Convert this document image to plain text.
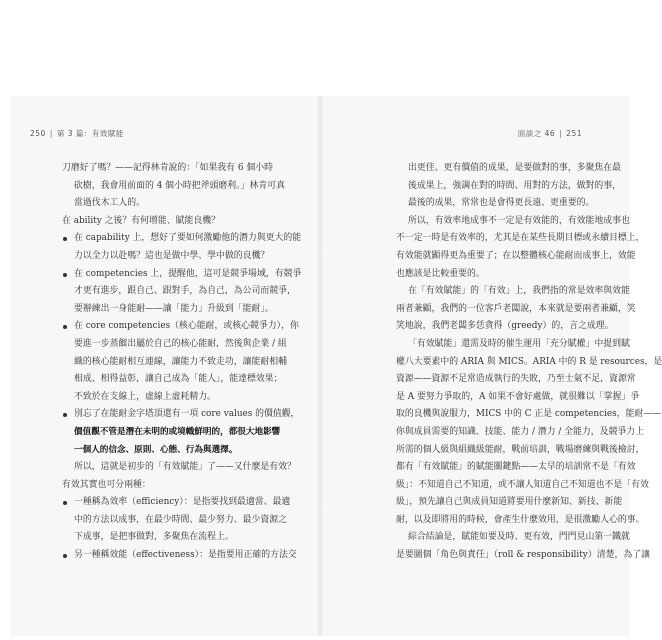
250 | 第 3 篇：有效賦能	面談之 46 | 251
刀磨好了嗎？——記得林肯說的：「如果我有 6 個小時
砍樹，我會用前面的 4 個小時把斧頭磨利。」林肯可真
當過伐木工人的。
在 ability 之後？有何增能、賦能良機？
在 capability 上，想好了要如何激勵他的潛力與更大的能
力以全力以赴嗎？這也是做中學、學中做的良機？
在 competencies 上，提醒他，這可是競爭場域，有競爭
才更有進步，跟自己、跟對手，為自己，為公司而競爭，
要辦練出一身能耐——讓「能力」升級到「能耐」。
在 core competencies（核心能耐，或核心競爭力），你
要進一步蒸餾出屬於自己的核心能耐，然後與企業 / 組
織的核心能耐相互連線，讓能力不致走功，讓能耐相輔
相成、相得益彰，讓自己成為「能人」，能達標效果；
不致於在支線上，虛線上虛耗精力。
別忘了在能耐金字塔頂還有一項 core values 的價值觀，
價值觀不管是潛在未明的或境幟鮮明的，都很大地影響
一個人的信念、原則、心態、行為與選擇。
所以，這就是初步的「有效賦能」了——又什麼是有效？
有效其實也可分兩種：
一種稱為效率（efficiency）：是指要找到最適當、最適
中的方法以成事，在最少時間、最少努力、最少資源之
下成事，是把事做對，多聚焦在流程上。
另一種稱效能（effectiveness）：是指要用正確的方法交
出更佳、更有價值的成果，是要做對的事，多聚焦在最
後成果上，強調在對的時間、用對的方法，做對的事，
最後的成果，常常也是會得更長遠、更重要的。
所以，有效率地成事不一定是有效能的，有效能地成事也
不一定一時是有效率的，尤其是在某些長期目標或永續目標上，
有效能就顯得更為重要了；在以整體核心能耐而成事上，效能
也應該是比較重要的。
在「有效賦能」的「有效」上，我們指的常是效率與效能
兩者兼顧，我們的一位客戶老闆說，本來就是要兩者兼顧，笑
笑地說，我們老闆多恁貪得（greedy）的，言之成理。
「有效賦能」還需及時的催生運用「充分賦權」中提到賦
權八大要素中的 ARIA 與 MICS。ARIA 中的 R 是 resources，是
資源——資源不足常造成執行的失敗，乃至士氣不足，資源常
是 A 要努力爭取的，A 如果不會好處做，就很難以「掌握」爭
取的良機與說服力，MICS 中的 C 正是 competencies，能耐——
你與成員需要的知識、技能、能力 / 潛力 / 全能力，及競爭力上
所需的個人級與組織級能耐，戰前培訓，戰場磨練與戰後檢討，
都有「有效賦能」的賦能關鍵點——太早的培訓常不是「有效
級」：不知道自己不知道，或不讓人知道自己不知道也不是「有效
級」，預先讓自己與成員知道將要用什麼新知、新技、新能
耐，以及即將用的時候，會產生什麼效用，是很激勵人心的事。
綜合結論是，賦能如要及時、更有效，門門見山第一鐵就
是要圖個「角色與責任」（roll & responsibility）清楚，為了讓
